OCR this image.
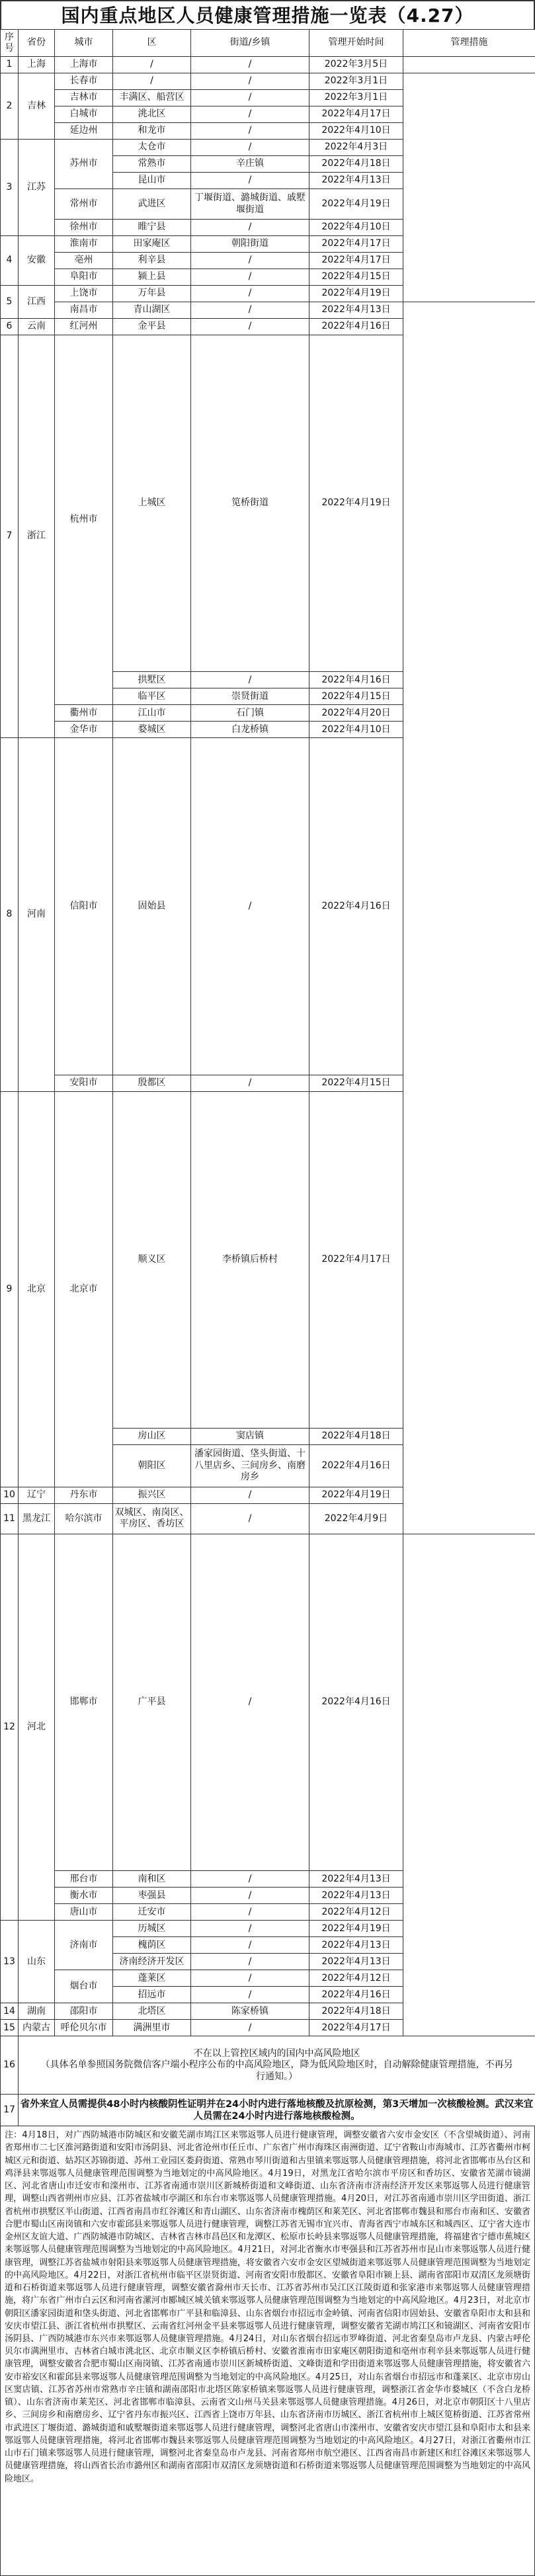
国内重点地区人员健康管理措施一览表（4.27）
序号	省份	城市	区	街道/乡镇	管理开始时间	管理措施	
1	上海	上海市	/	/	2022年3月5日		
2	吉林	长春市	/	/	2022年3月1日		
		吉林市	丰满区、船营区	/	2022年3月1日		
		白城市	洮北区	/	2022年4月17日		
		延边州	和龙市	/	2022年4月10日		
3	江苏	苏州市	太仓市	/	2022年4月3日		
			常熟市	辛庄镇	2022年4月18日		
			昆山市	/	2022年4月13日		
		常州市	武进区	丁堰街道、潞城街道、戚墅堰街道	2022年4月19日		
		徐州市	睢宁县	/	2022年4月10日		
4	安徽	淮南市	田家庵区	朝阳街道	2022年4月17日		
		亳州	利辛县	/	2022年4月17日		
		阜阳市	颍上县	/	2022年4月15日		
5	江西	上饶市	万年县	/	2022年4月19日	
		南昌市	青山湖区	/	2022年4月13日		
6	云南	红河州	金平县	/	2022年4月16日		
7	浙江	杭州市	上城区	笕桥街道	2022年4月19日		
			拱墅区	/	2022年4月16日		
			临平区	崇贤街道	2022年4月15日		
		衢州市	江山市	石门镇	2022年4月20日		
		金华市	婺城区	白龙桥镇	2022年4月10日		
8	河南	信阳市	固始县	/	2022年4月16日		
		安阳市	殷都区	/	2022年4月15日		
9	北京	北京市	顺义区	李桥镇后桥村	2022年4月17日		
			房山区	窦店镇	2022年4月18日		
			朝阳区	潘家园街道、垡头街道、十八里店乡、三间房乡、南磨房乡	2022年4月16日		
10	辽宁	丹东市	振兴区	/	2022年4月19日		
11	黑龙江	哈尔滨市	双城区、南岗区、平房区、香坊区	/	2022年4月9日		
12	河北	邯郸市	广平县	/	2022年4月16日		
		邢台市	南和区	/	2022年4月13日		
		衡水市	枣强县	/	2022年4月13日		
		唐山市	迁安市	/	2022年4月12日		
13	山东	济南市	历城区	/	2022年4月19日		
			槐荫区	/	2022年4月13日		
			济南经济开发区	/	2022年4月13日		
		烟台市	蓬莱区	/	2022年4月12日		
			招远市	/	2022年4月16日		
14	湖南	邵阳市	北塔区	陈家桥镇	2022年4月18日		
15	内蒙古	呼伦贝尔市	满洲里市	/	2022年4月17日		
16	不在以上管控区域内的国内中高风险地区
（具体名单参照国务院微信客户端小程序公布的中高风险地区，降为低风险地区时，自动解除健康管理措施，不再另行通知。）						

17	省外来宜人员需提供48小时内核酸阴性证明并在24小时内进行落地核酸及抗原检测，第3天增加一次核酸检测。武汉来宜人员需在24小时内进行落地核酸检测。						
注：4月18日，对广西防城港市防城区和安徽芜湖市鸠江区来鄂返鄂人员进行健康管理，调整安徽省六安市金安区（不含望城街道）、河南省郑州市二七区淮河路街道和安阳市汤阴县、河北省沧州市任丘市、广东省广州市海珠区南洲街道、辽宁省鞍山市海城市、江苏省衢州市柯城区元和街道、姑苏区苏锦街道、苏州工业园区娄葑街道、常熟市琴川街道和古里镇来鄂返鄂人员健康管理措施，将河北省邯郸市丛台区和鸡泽县来鄂返鄂人员健康管理范围调整为当地划定的中高风险地区。4月19日，对黑龙江省哈尔滨市平房区和香坊区、安徽省芜湖市镜湖区、河北省唐山市迁安市和滦州市、江苏省南通市崇川区新城桥街道和文峰街道、山东省济南市济南经济开发区来鄂返鄂人员进行健康管理，调整山西省朔州市应县、江苏省盐城市亭湖区和东台市来鄂返鄂人员健康管理措施。4月20日，对江苏省南通市崇川区学田街道、浙江省杭州市拱墅区半山街道、江西省南昌市红谷滩区和青山湖区、山东省济南市槐荫区和莱芜区、河北省邯郸市魏县和邢台市南和区、安徽省合肥市蜀山区南岗镇和六安市霍邱县来鄂返鄂人员进行健康管理，调整江苏省无锡市宜兴市、青海省西宁市城东区和城西区、辽宁省大连市金州区友谊大道、广西防城港市防城区、吉林省吉林市昌邑区和龙潭区、松原市长岭县来鄂返鄂人员健康管理措施，将福建省宁德市蕉城区来鄂返鄂人员健康管理范围调整为当地划定的中高风险地区。4月21日，对河北省衡水市枣强县和江苏省苏州市昆山市来鄂返鄂人员进行健康管理，调整江苏省盐城市射阳县来鄂返鄂人员健康管理措施，将安徽省六安市金安区望城街道来鄂返鄂人员健康管理范围调整为当地划定的中高风险地区。4月22日，对浙江省杭州市临平区崇贤街道、河南省安阳市殷都区、安徽省阜阳市颍上县、湖南省邵阳市双清区龙须塘街道和石桥街道来鄂返鄂人员进行健康管理，调整安徽省滁州市天长市、江苏省苏州市吴江区江陵街道和张家港市来鄂返鄂人员健康管理措施，将广东省广州市白云区和河南省漯河市郾城区城关镇来鄂返鄂人员健康管理范围调整为当地划定的中高风险地区。4月23日，对北京市朝阳区潘家园街道和垡头街道、河北省邯郸市广平县和临漳县、山东省烟台市招远市金岭镇、河南省信阳市固始县、安徽省阜阳市太和县和安庆市望江县、浙江省杭州市拱墅区、云南省红河州金平县来鄂返鄂人员进行健康管理，调整安徽省芜湖市鸠江区和镜湖区、河南省安阳市汤阴县、广西防城港市东兴市来鄂返鄂人员健康管理措施。4月24日，对山东省烟台招远市罗峰街道、河北省秦皇岛市卢龙县、内蒙古呼伦贝尔市满洲里市、吉林省白城市洮北区、北京市顺义区李桥镇后桥村、安徽省淮南市田家庵区朝阳街道和亳州市利辛县来鄂返鄂人员进行健康管理，调整安徽省合肥市蜀山区南岗镇、江苏省南通市崇川区新城桥街道、文峰街道和学田街道来鄂返鄂人员健康管理措施，将安徽省六安市裕安区和霍邱县来鄂返鄂人员健康管理范围调整为当地划定的中高风险地区。4月25日，对山东省烟台市招远市和蓬莱区、北京市房山区窦店镇、江苏省苏州市常熟市辛庄镇和湖南邵阳市北塔区陈家桥镇来鄂返鄂人员进行健康管理，调整浙江省金华市婺城区（不含白龙桥镇）、山东省济南市莱芜区、河北省邯郸市临漳县、云南省文山州马关县来鄂返鄂人员健康管理措施。4月26日，对北京市朝阳区十八里店乡、三间房乡和南磨房乡、辽宁省丹东市振兴区、江西省上饶市万年县、山东省济南市历城区、浙江省杭州市上城区笕桥街道、江苏省常州市武进区丁堰街道、潞城街道和戚墅堰街道来鄂返鄂人员进行健康管理，调整河北省唐山市滦州市、安徽省安庆市望江县和阜阳市太和县来鄂返鄂人员健康管理措施，将河北省邯郸市魏县来鄂返鄂人员健康管理范围调整为当地划定的中高风险地区。4月27日，对浙江省衢州市江山市石门镇来鄂返鄂人员进行健康管理，调整河北省秦皇岛市卢龙县、河南省郑州市航空港区、江西省南昌市新建区和红谷滩区来鄂返鄂人员健康管理措施，将山西省长治市潞州区和湖南省邵阳市双清区龙须塘街道和石桥街道来鄂返鄂人员健康管理范围调整为当地划定的中高风险地区。
